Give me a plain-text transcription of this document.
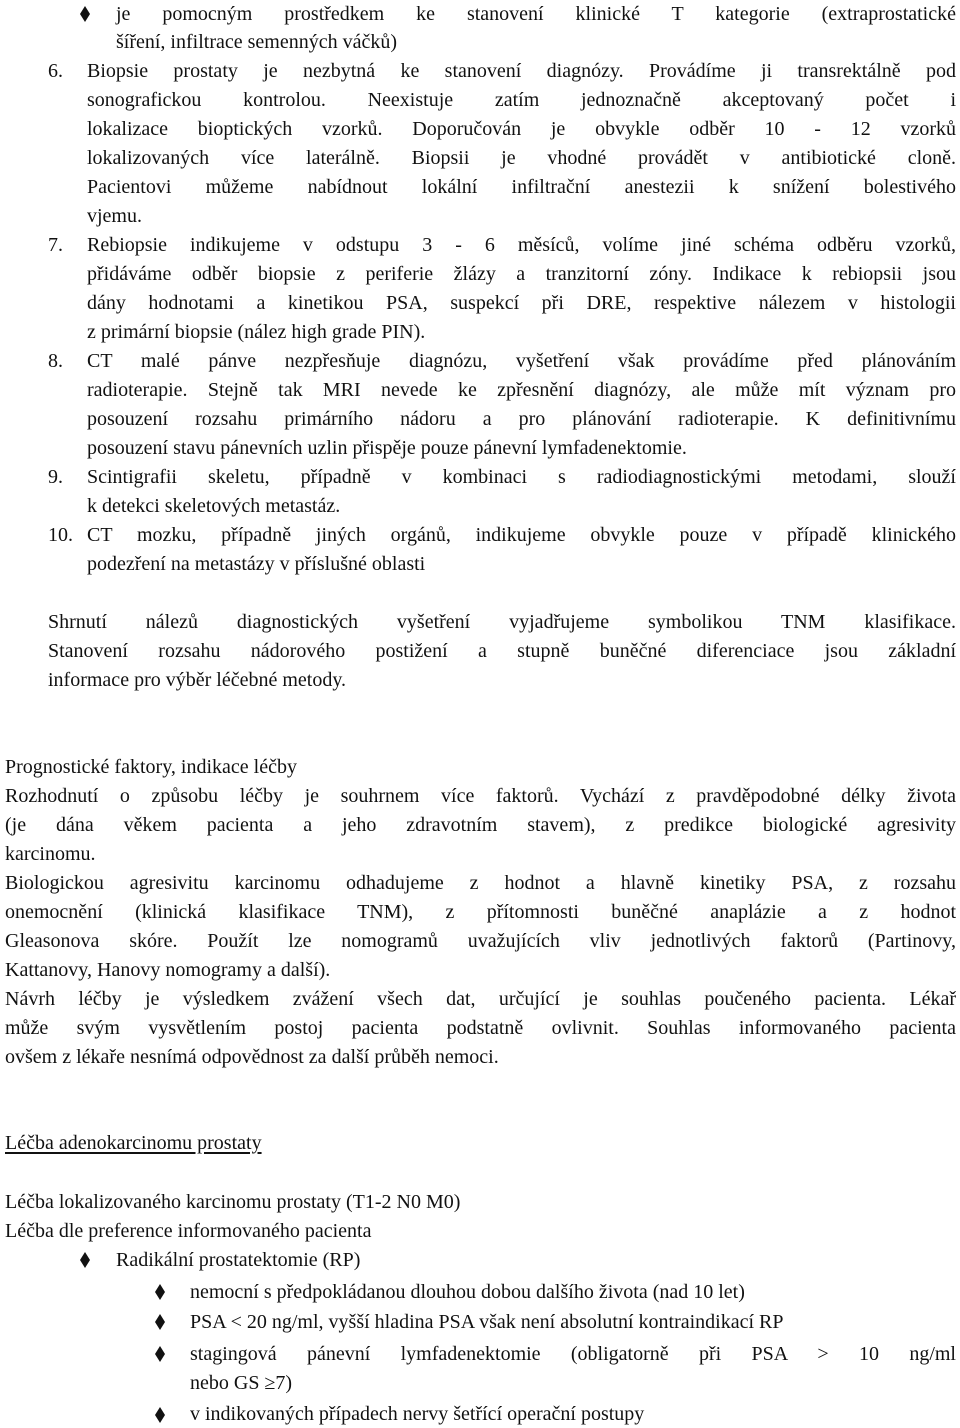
je pomocným prostředkem ke stanovení klinické T kategorie (extraprostatické
šíření, infiltrace semenných váčků)
6. Biopsie prostaty je nezbytná ke stanovení diagnózy. Provádíme ji transrektálně pod
sonografickou kontrolou. Neexistuje zatím jednoznačně akceptovaný počet i
lokalizace bioptických vzorků. Doporučován je obvykle odběr 10 - 12 vzorků
lokalizovaných více laterálně. Biopsii je vhodné provádět v antibiotické cloně.
Pacientovi můžeme nabídnout lokální infiltrační anestezii k snížení bolestivého
vjemu.
7. Rebiopsie indikujeme v odstupu 3 - 6 měsíců, volíme jiné schéma odběru vzorků,
přidáváme odběr biopsie z periferie žlázy a tranzitorní zóny. Indikace k rebiopsii jsou
dány hodnotami a kinetikou PSA, suspekcí při DRE, respektive nálezem v histologii
z primární biopsie (nález high grade PIN).
8. CT malé pánve nezpřesňuje diagnózu, vyšetření však provádíme před plánováním
radioterapie. Stejně tak MRI nevede ke zpřesnění diagnózy, ale může mít význam pro
posouzení rozsahu primárního nádoru a pro plánování radioterapie. K definitivnímu
posouzení stavu pánevních uzlin přispěje pouze pánevní lymfadenektomie.
9. Scintigrafii skeletu, případně v kombinaci s radiodiagnostickými metodami, slouží
k detekci skeletových metastáz.
10. CT mozku, případně jiných orgánů, indikujeme obvykle pouze v případě klinického
podezření na metastázy v příslušné oblasti
Shrnutí nálezů diagnostických vyšetření vyjadřujeme symbolikou TNM klasifikace.
Stanovení rozsahu nádorového postižení a stupně buněčné diferenciace jsou základní
informace pro výběr léčebné metody.
Prognostické faktory, indikace léčby
Rozhodnutí o způsobu léčby je souhrnem více faktorů. Vychází z pravděpodobné délky života
(je dána věkem pacienta a jeho zdravotním stavem), z predikce biologické agresivity
karcinomu.
Biologickou agresivitu karcinomu odhadujeme z hodnot a hlavně kinetiky PSA, z rozsahu
onemocnění (klinická klasifikace TNM), z přítomnosti buněčné anaplázie a z hodnot
Gleasonova skóre. Použít lze nomogramů uvažujících vliv jednotlivých faktorů (Partinovy,
Kattanovy, Hanovy nomogramy a další).
Návrh léčby je výsledkem zvážení všech dat, určující je souhlas poučeného pacienta. Lékař
může svým vysvětlením postoj pacienta podstatně ovlivnit. Souhlas informovaného pacienta
ovšem z lékaře nesnímá odpovědnost za další průběh nemoci.
Léčba adenokarcinomu prostaty
Léčba lokalizovaného karcinomu prostaty (T1-2 N0 M0)
Léčba dle preference informovaného pacienta
Radikální prostatektomie (RP)
nemocní s předpokládanou dlouhou dobou dalšího života (nad 10 let)
PSA < 20 ng/ml, vyšší hladina PSA však není absolutní kontraindikací RP
stagingová pánevní lymfadenektomie (obligatorně při PSA > 10 ng/ml
nebo GS ≥7)
v indikovaných případech nervy šetřící operační postupy
